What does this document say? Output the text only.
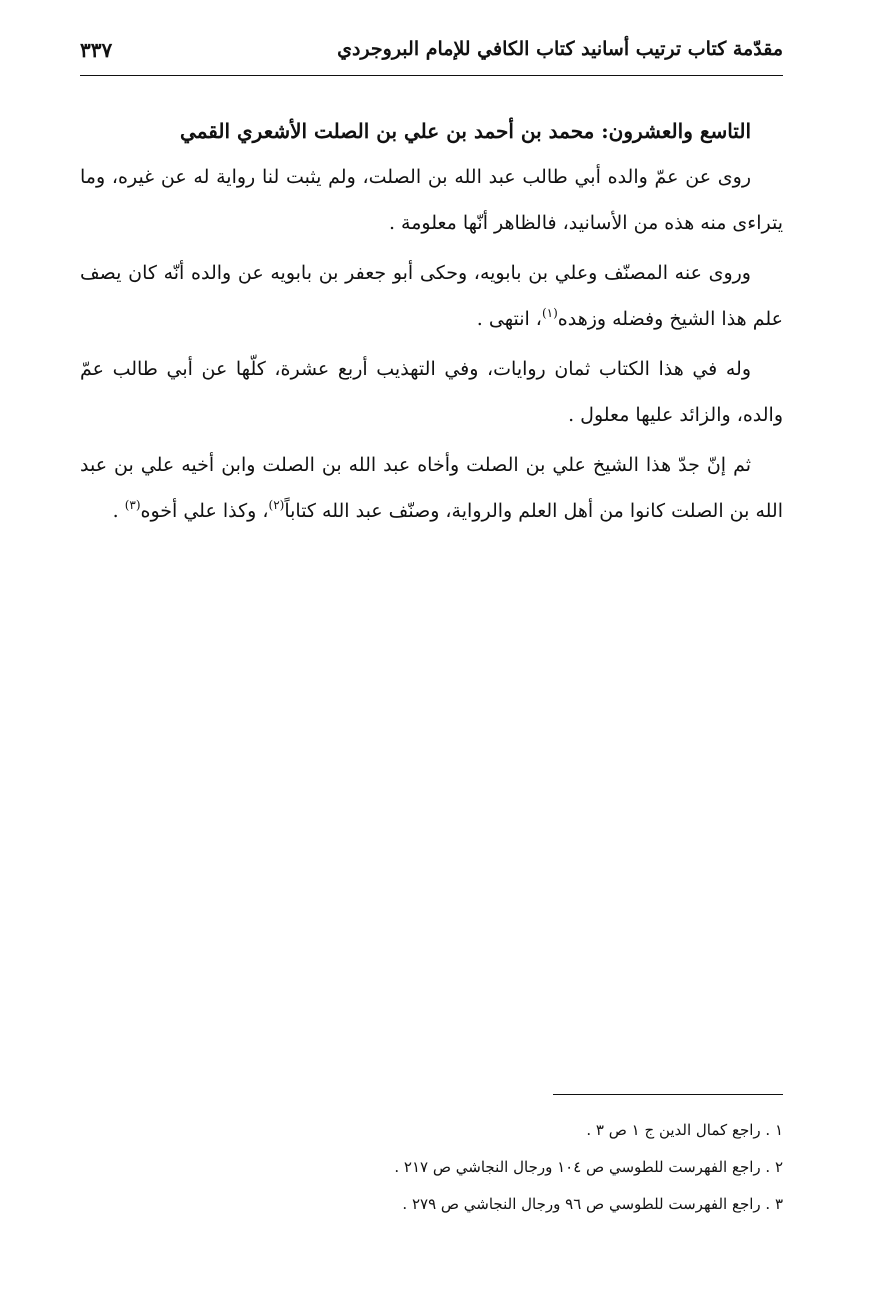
مقدّمة كتاب ترتيب أسانيد كتاب الكافي للإمام البروجردي
٣٣٧
التاسع والعشرون: محمد بن أحمد بن علي بن الصلت الأشعري القمي

روى عن عمّ والده أبي طالب عبد الله بن الصلت، ولم يثبت لنا رواية له عن غيره، وما يتراءى منه هذه من الأسانيد، فالظاهر أنّها معلومة .

وروى عنه المصنّف وعلي بن بابويه، وحكى أبو جعفر بن بابويه عن والده أنّه كان يصف علم هذا الشيخ وفضله وزهده$^{(١)}$، انتهى .

وله في هذا الكتاب ثمان روايات، وفي التهذيب أربع عشرة، كلّها عن أبي طالب عمّ والده، والزائد عليها معلول .

ثم إنّ جدّ هذا الشيخ علي بن الصلت وأخاه عبد الله بن الصلت وابن أخيه علي بن عبد الله بن الصلت كانوا من أهل العلم والرواية، وصنّف عبد الله كتاباً$^{(٢)}$، وكذا علي أخوه$^{(٣)}$ .

١ . راجع كمال الدين ج ١ ص ٣ .
٢ . راجع الفهرست للطوسي ص ١٠٤ ورجال النجاشي ص ٢١٧ .
٣ . راجع الفهرست للطوسي ص ٩٦ ورجال النجاشي ص ٢٧٩ .
